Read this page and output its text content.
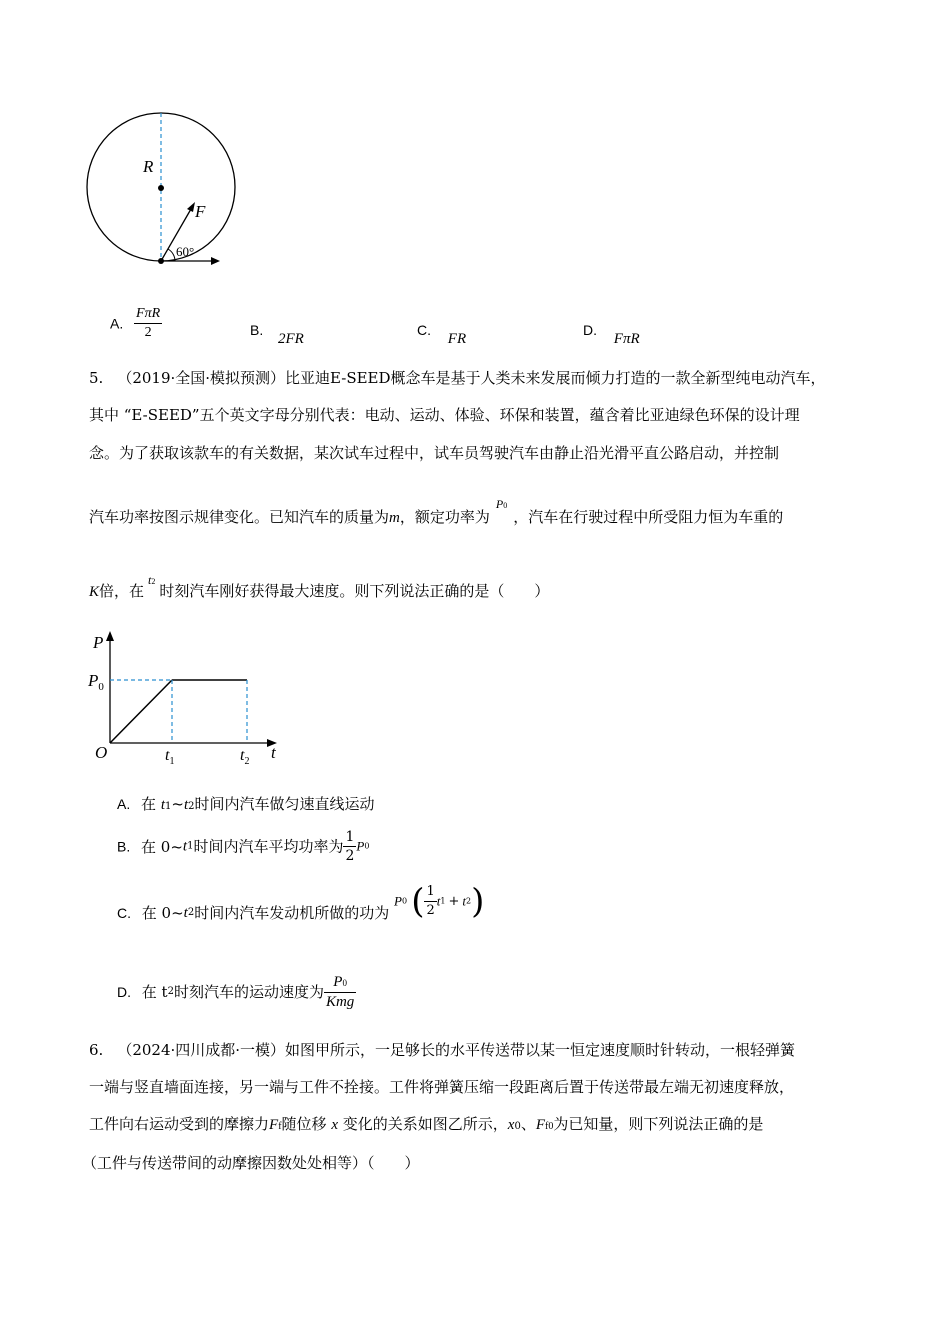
R
F
60°
A. $\frac{\text{FπR}}{2}$	B. 2FR
C. FR
D. FπR
5. （2019·全国·模拟预测）比亚迪E-SEED概念车是基于人类未来发展而倾力打造的一款全新型纯电动汽车，
其中 “E-SEED”五个英文字母分别代表：电动、运动、体验、环保和装置，蕴含着比亚迪绿色环保的设计理
念。为了获取该款车的有关数据，某次试车过程中，试车员驾驶汽车由静止沿光滑平直公路启动，并控制
汽车功率按图示规律变化。已知汽车的质量为m，额定功率为$^{P0}$，汽车在行驶过程中所受阻力恒为车重的
K倍，在$^{t2}$时刻汽车刚好获得最大速度。则下列说法正确的是（　　）
P
$P_0$
O	$t_1$	$t_2$ t
A. 在 t1~t2时间内汽车做匀速直线运动
B. 在 0~t1时间内汽车平均功率为 $\frac{1}{2} P0$
C. 在 0~t2时间内汽车发动机所做的功为 P0 ( $\frac{1}{2} t1 + t2$)
D. 在 t2时刻汽车的运动速度为 $\frac{P0}{\text{Kmg}}$
6. （2024·四川成都·一模）如图甲所示，一足够长的水平传送带以某一恒定速度顺时针转动，一根轻弹簧
一端与竖直墙面连接，另一端与工件不拴接。工件将弹簧压缩一段距离后置于传送带最左端无初速度释放，
工件向右运动受到的摩擦力Ff随位移 x 变化的关系如图乙所示，x0、Ff0为已知量，则下列说法正确的是
（工件与传送带间的动摩擦因数处处相等）（　　）
